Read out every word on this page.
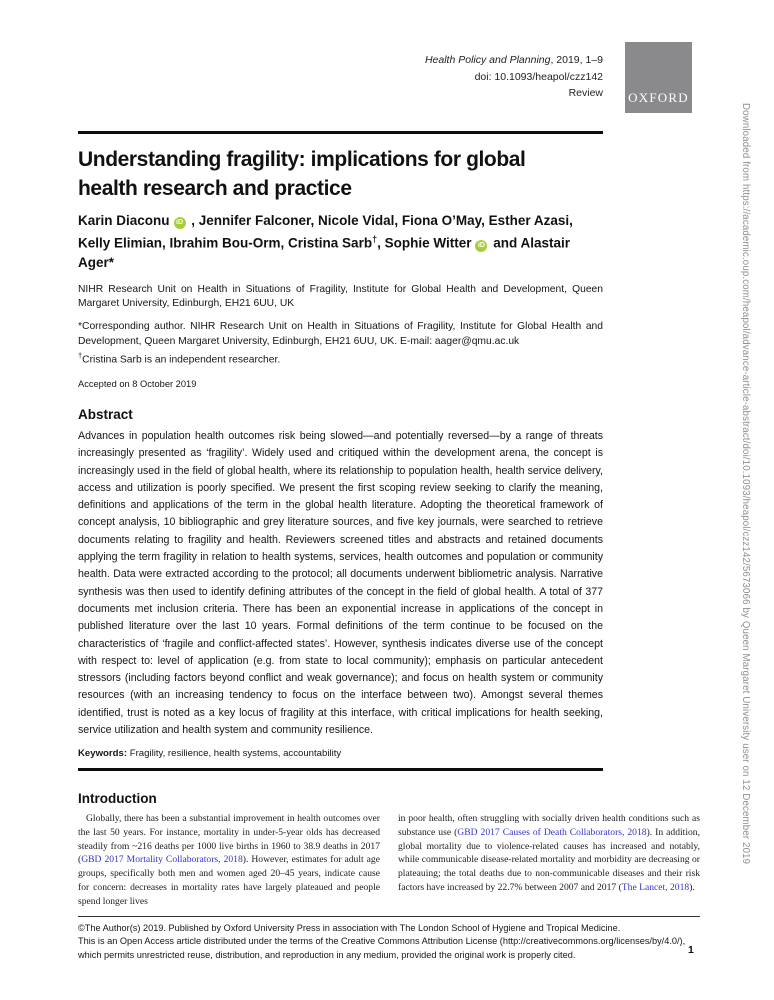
Health Policy and Planning, 2019, 1–9
doi: 10.1093/heapol/czz142
Review
Understanding fragility: implications for global
health research and practice
Karin Diaconu iD , Jennifer Falconer, Nicole Vidal, Fiona O’May, Esther Azasi, Kelly Elimian, Ibrahim Bou-Orm, Cristina Sarb†, Sophie Witter iD and Alastair Ager*
NIHR Research Unit on Health in Situations of Fragility, Institute for Global Health and Development, Queen Margaret University, Edinburgh, EH21 6UU, UK
*Corresponding author. NIHR Research Unit on Health in Situations of Fragility, Institute for Global Health and Development, Queen Margaret University, Edinburgh, EH21 6UU, UK. E-mail: aager@qmu.ac.uk
†Cristina Sarb is an independent researcher.
Accepted on 8 October 2019
Abstract
Advances in population health outcomes risk being slowed—and potentially reversed—by a range of threats increasingly presented as ‘fragility’. Widely used and critiqued within the development arena, the concept is increasingly used in the field of global health, where its relationship to population health, health service delivery, access and utilization is poorly specified. We present the first scoping review seeking to clarify the meaning, definitions and applications of the term in the global health literature. Adopting the theoretical framework of concept analysis, 10 bibliographic and grey literature sources, and five key journals, were searched to retrieve documents relating to fragility and health. Reviewers screened titles and abstracts and retained documents applying the term fragility in relation to health systems, services, health outcomes and population or community health. Data were extracted according to the protocol; all documents underwent bibliometric analysis. Narrative synthesis was then used to identify defining attributes of the concept in the field of global health. A total of 377 documents met inclusion criteria. There has been an exponential increase in applications of the concept in published literature over the last 10 years. Formal definitions of the term continue to be focused on the characteristics of ‘fragile and conflict-affected states’. However, synthesis indicates diverse use of the concept with respect to: level of application (e.g. from state to local community); emphasis on particular antecedent stressors (including factors beyond conflict and weak governance); and focus on health system or community resources (with an increasing tendency to focus on the interface between two). Amongst several themes identified, trust is noted as a key locus of fragility at this interface, with critical implications for health seeking, service utilization and health system and community resilience.
Keywords: Fragility, resilience, health systems, accountability
OXFORD

Introduction

Globally, there has been a substantial improvement in health outcomes over the last 50 years. For instance, mortality in under-5-year olds has decreased steadily from ~216 deaths per 1000 live births in 1960 to 38.9 deaths in 2017 (GBD 2017 Mortality Collaborators, 2018). However, estimates for adult age groups, specifically both men and women aged 20–45 years, indicate cause for concern: decreases in mortality rates have largely plateaued and people spend longer lives

in poor health, often struggling with socially driven health conditions such as substance use (GBD 2017 Causes of Death Collaborators, 2018). In addition, global mortality due to violence-related causes has increased and notably, while communicable disease-related mortality and morbidity are decreasing or plateauing; the total deaths due to non-communicable diseases and their risk factors have increased by 22.7% between 2007 and 2017 (The Lancet, 2018).

©The Author(s) 2019. Published by Oxford University Press in association with The London School of Hygiene and Tropical Medicine.
This is an Open Access article distributed under the terms of the Creative Commons Attribution License (http://creativecommons.org/licenses/by/4.0/), which permits unrestricted reuse, distribution, and reproduction in any medium, provided the original work is properly cited.	1
Downloaded from https://academic.oup.com/heapol/advance-article-abstract/doi/10.1093/heapol/czz142/5673066 by Queen Margaret University user on 12 December 2019
